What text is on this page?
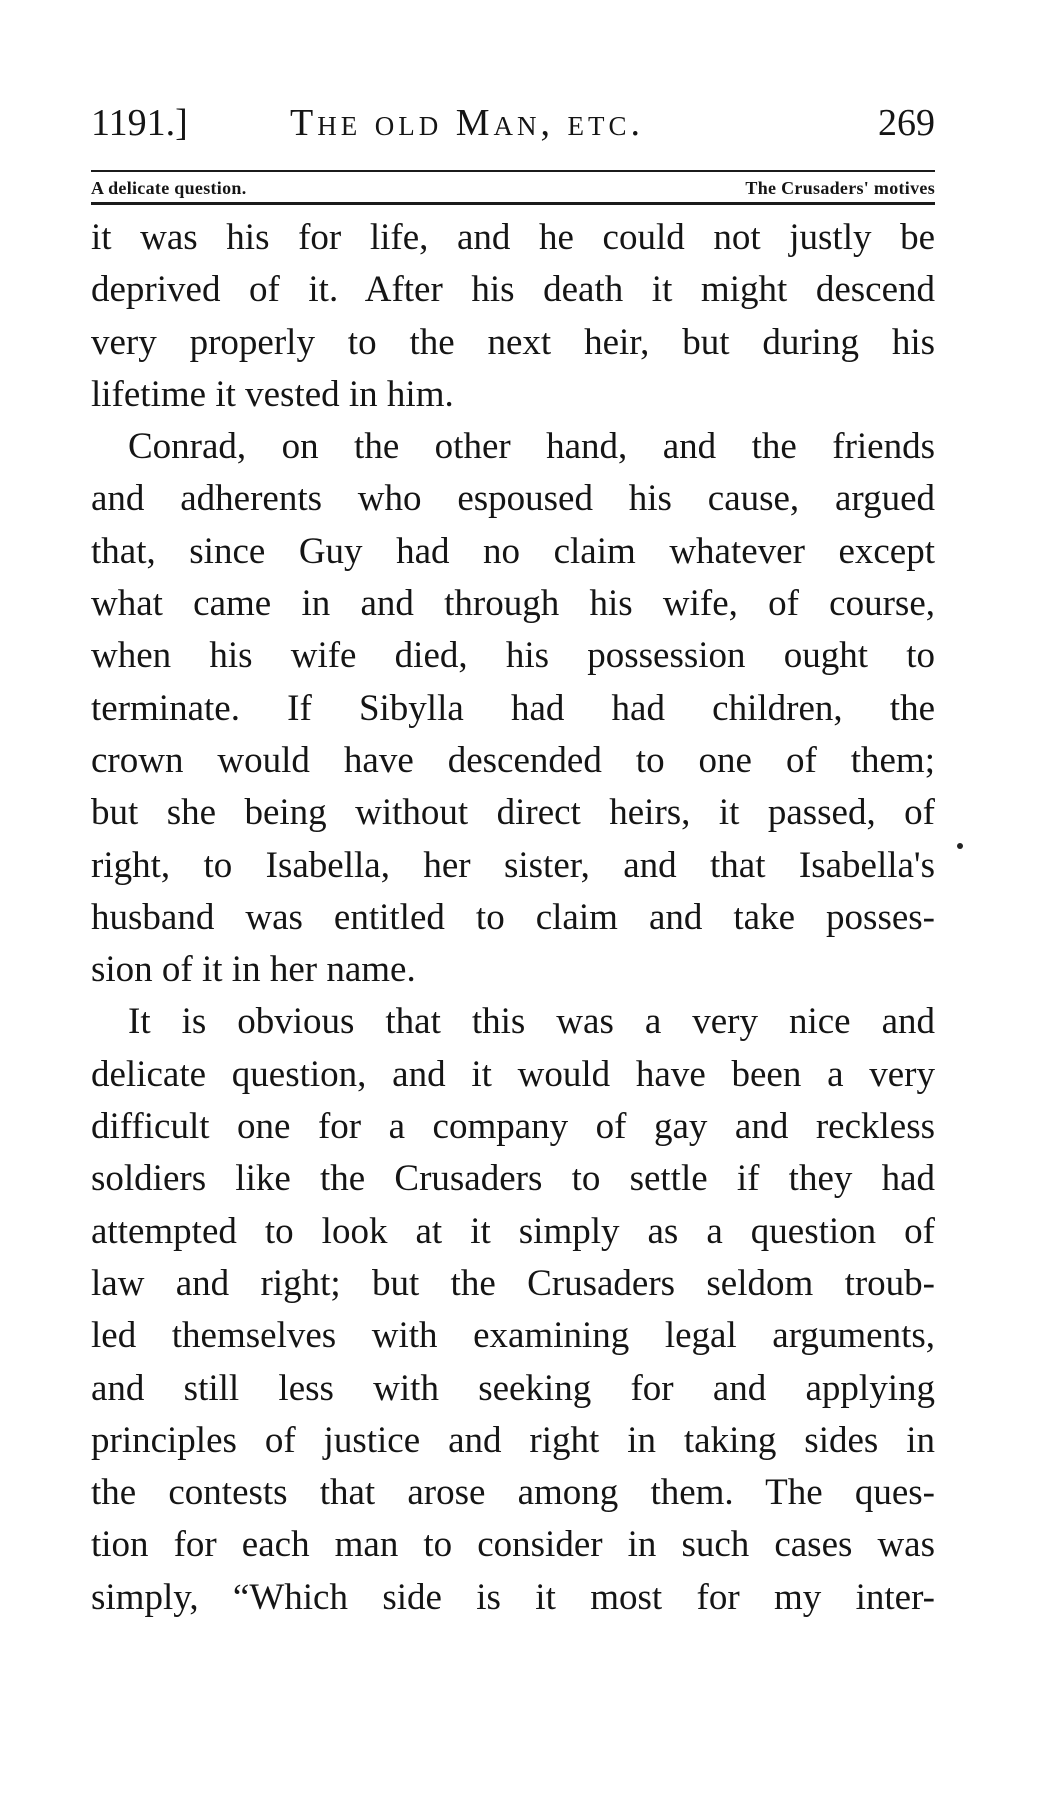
1191.]	The old Man, etc.	269
A delicate question.	The Crusaders' motives
it was his for life, and he could not justly be
deprived of it. After his death it might descend
very properly to the next heir, but during his
lifetime it vested in him.
Conrad, on the other hand, and the friends
and adherents who espoused his cause, argued
that, since Guy had no claim whatever except
what came in and through his wife, of course,
when his wife died, his possession ought to
terminate. If Sibylla had had children, the
crown would have descended to one of them;
but she being without direct heirs, it passed, of
right, to Isabella, her sister, and that Isabella's
husband was entitled to claim and take posses-
sion of it in her name.
It is obvious that this was a very nice and
delicate question, and it would have been a very
difficult one for a company of gay and reckless
soldiers like the Crusaders to settle if they had
attempted to look at it simply as a question of
law and right; but the Crusaders seldom troub-
led themselves with examining legal arguments,
and still less with seeking for and applying
principles of justice and right in taking sides in
the contests that arose among them. The ques-
tion for each man to consider in such cases was
simply, “Which side is it most for my inter-
